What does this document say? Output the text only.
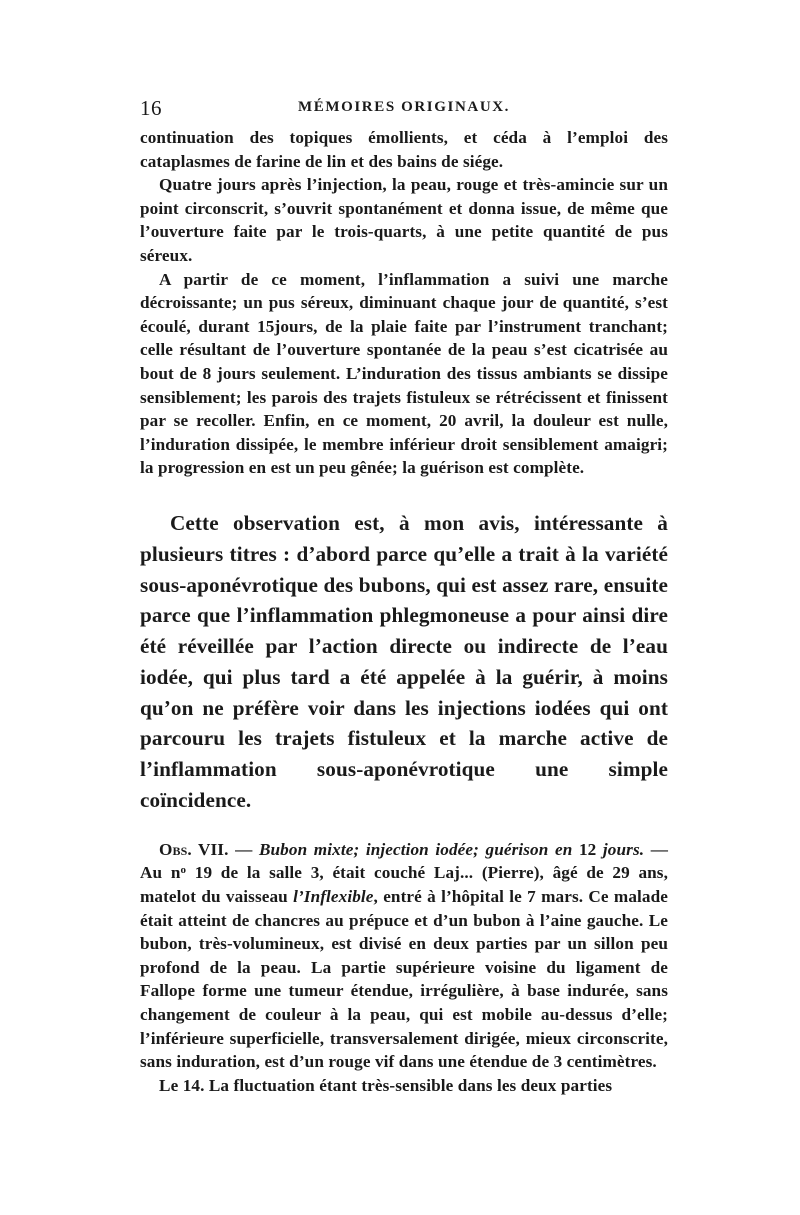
16	MÉMOIRES ORIGINAUX.

continuation des topiques émollients, et céda à l’emploi des cataplasmes de farine de lin et des bains de siége.

Quatre jours après l’injection, la peau, rouge et très-amincie sur un point circonscrit, s’ouvrit spontanément et donna issue, de même que l’ouverture faite par le trois-quarts, à une petite quantité de pus séreux.

A partir de ce moment, l’inflammation a suivi une marche décroissante; un pus séreux, diminuant chaque jour de quantité, s’est écoulé, durant 15jours, de la plaie faite par l’instrument tranchant; celle résultant de l’ouverture spontanée de la peau s’est cicatrisée au bout de 8 jours seulement. L’induration des tissus ambiants se dissipe sensiblement; les parois des trajets fistuleux se rétrécissent et finissent par se recoller. Enfin, en ce moment, 20 avril, la douleur est nulle, l’induration dissipée, le membre inférieur droit sensiblement amaigri; la progression en est un peu gênée; la guérison est complète.

Cette observation est, à mon avis, intéressante à plusieurs titres : d’abord parce qu’elle a trait à la variété sous-aponévrotique des bubons, qui est assez rare, ensuite parce que l’inflammation phlegmoneuse a pour ainsi dire été réveillée par l’action directe ou indirecte de l’eau iodée, qui plus tard a été appelée à la guérir, à moins qu’on ne préfère voir dans les injections iodées qui ont parcouru les trajets fistuleux et la marche active de l’inflammation sous-aponévrotique une simple coïncidence.

Obs. VII. — Bubon mixte; injection iodée; guérison en 12 jours. — Au $n^o$ 19 de la salle 3, était couché Laj... (Pierre), âgé de 29 ans, matelot du vaisseau l’Inflexible, entré à l’hôpital le 7 mars. Ce malade était atteint de chancres au prépuce et d’un bubon à l’aine gauche. Le bubon, très-volumineux, est divisé en deux parties par un sillon peu profond de la peau. La partie supérieure voisine du ligament de Fallope forme une tumeur étendue, irrégulière, à base indurée, sans changement de couleur à la peau, qui est mobile au-dessus d’elle; l’inférieure superficielle, transversalement dirigée, mieux circonscrite, sans induration, est d’un rouge vif dans une étendue de 3 centimètres.

Le 14. La fluctuation étant très-sensible dans les deux parties
